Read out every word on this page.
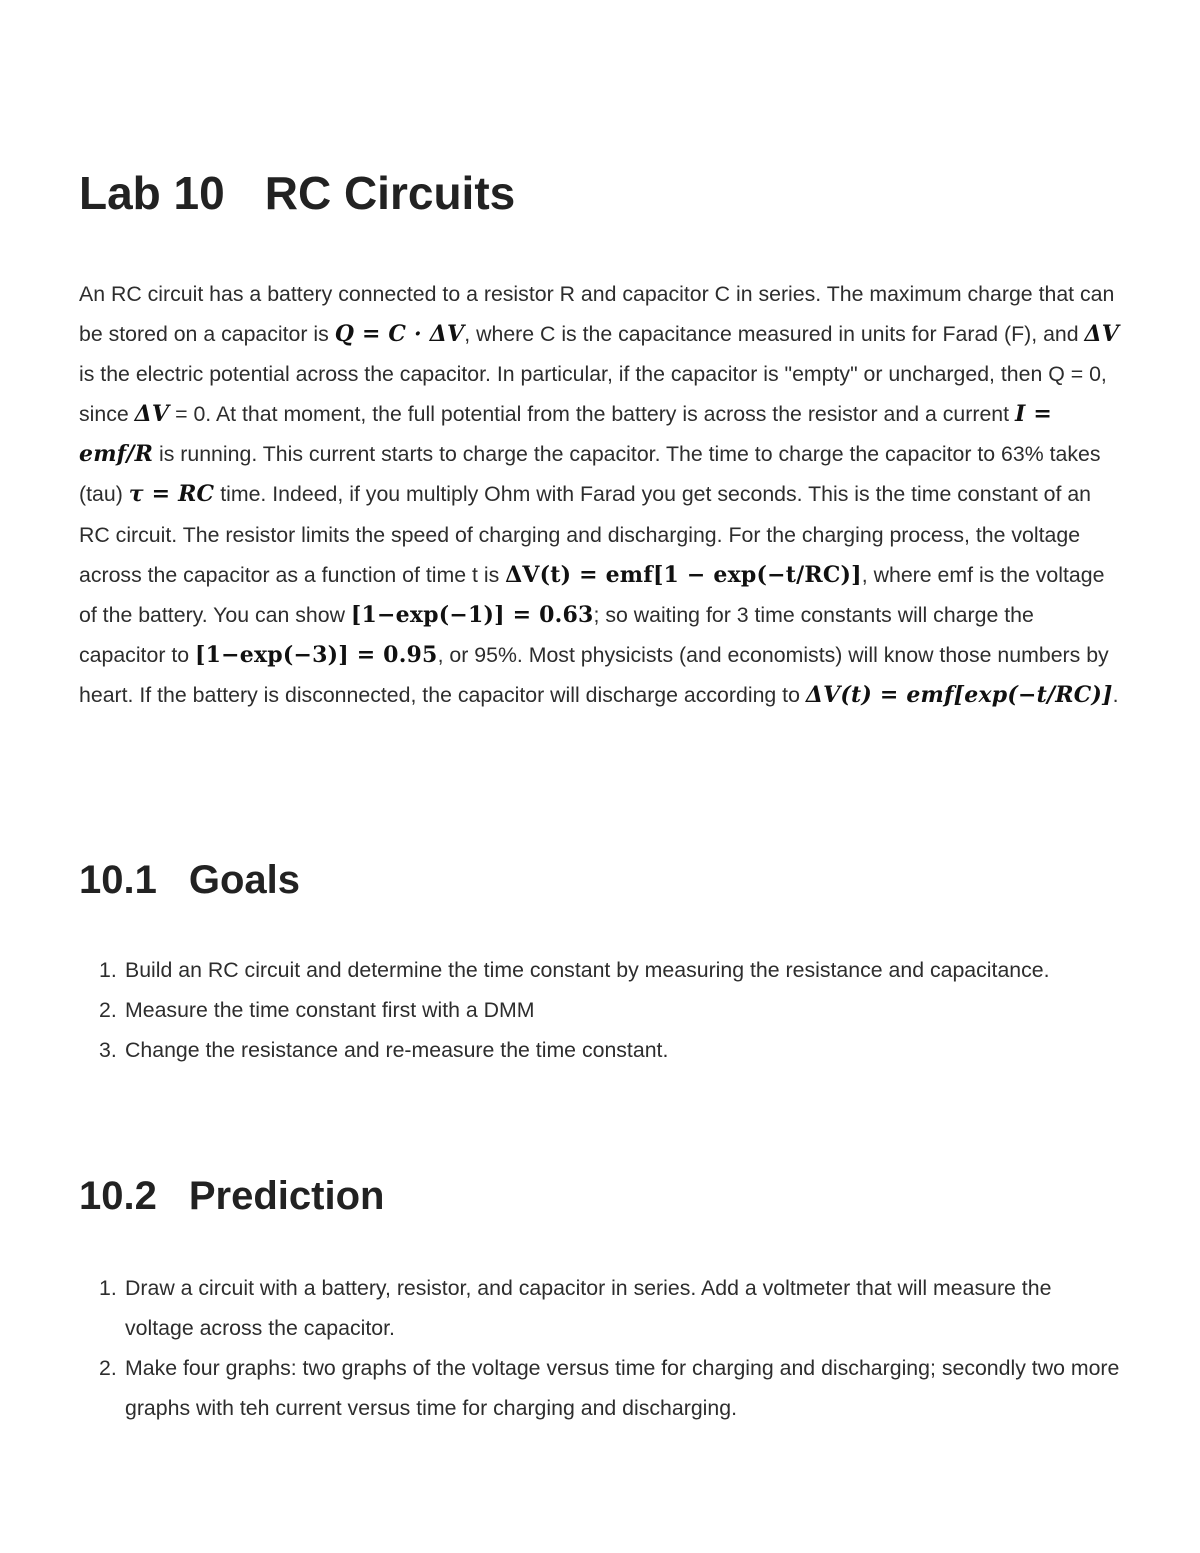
Lab 10 RC Circuits

An RC circuit has a battery connected to a resistor R and capacitor C in series. The maximum charge that can be stored on a capacitor is Q = C · ΔV, where C is the capacitance measured in units for Farad (F), and ΔV is the electric potential across the capacitor. In particular, if the capacitor is "empty" or uncharged, then Q = 0, since ΔV = 0. At that moment, the full potential from the battery is across the resistor and a current I = emf/R is running. This current starts to charge the capacitor. The time to charge the capacitor to 63% takes (tau) τ = RC time. Indeed, if you multiply Ohm with Farad you get seconds. This is the time constant of an RC circuit. The resistor limits the speed of charging and discharging. For the charging process, the voltage across the capacitor as a function of time t is ΔV(t) = emf[1 − exp(−t/RC)], where emf is the voltage of the battery. You can show [1−exp(−1)] = 0.63; so waiting for 3 time constants will charge the capacitor to [1−exp(−3)] = 0.95, or 95%. Most physicists (and economists) will know those numbers by heart. If the battery is disconnected, the capacitor will discharge according to ΔV(t) = emf[exp(−t/RC)].

10.1 Goals
1. Build an RC circuit and determine the time constant by measuring the resistance and capacitance.
2. Measure the time constant first with a DMM
3. Change the resistance and re-measure the time constant.
10.2 Prediction
1. Draw a circuit with a battery, resistor, and capacitor in series. Add a voltmeter that will measure the voltage across the capacitor.
2. Make four graphs: two graphs of the voltage versus time for charging and discharging; secondly two more graphs with teh current versus time for charging and discharging.
